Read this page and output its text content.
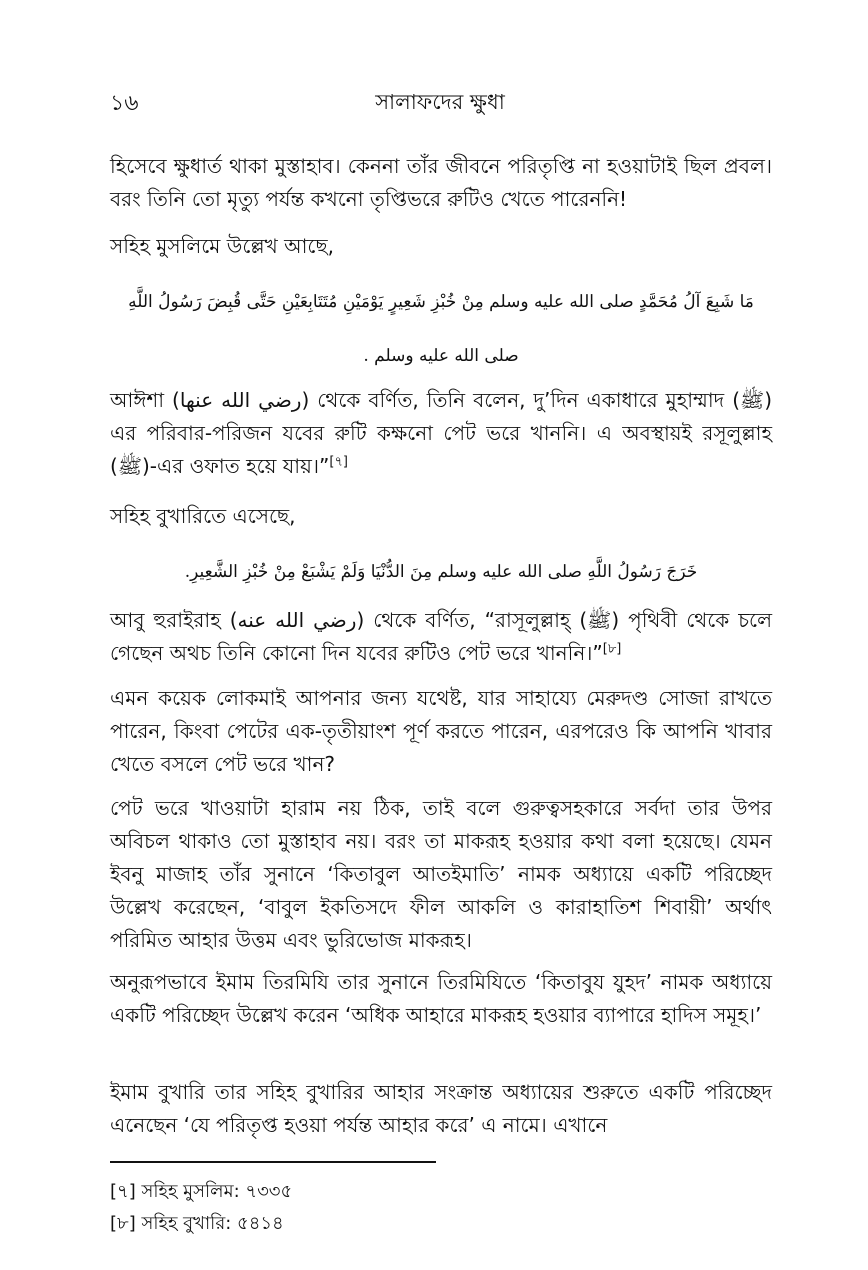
১৬	সালাফদের ক্ষুধা

হিসেবে ক্ষুধার্ত থাকা মুস্তাহাব। কেননা তাঁর জীবনে পরিতৃপ্তি না হওয়াটাই ছিল প্রবল। বরং তিনি তো মৃত্যু পর্যন্ত কখনো তৃপ্তিভরে রুটিও খেতে পারেননি!

সহিহ মুসলিমে উল্লেখ আছে,

مَا شَبِعَ آلُ مُحَمَّدٍ صلى الله عليه وسلم مِنْ خُبْزِ شَعِيرٍ يَوْمَيْنِ مُتَتَابِعَيْنِ حَتَّى قُبِضَ رَسُولُ اللَّهِ

صلى الله عليه وسلم .

আঈশা (رضي الله عنها) থেকে বর্ণিত, তিনি বলেন, দু’দিন একাধারে মুহাম্মাদ (ﷺ) এর পরিবার-পরিজন যবের রুটি কক্ষনো পেট ভরে খাননি। এ অবস্থায়ই রসূলুল্লাহ (ﷺ)-এর ওফাত হয়ে যায়।”[৭]

সহিহ বুখারিতে এসেছে,

خَرَجَ رَسُولُ اللَّهِ صلى الله عليه وسلم مِنَ الدُّنْيَا وَلَمْ يَشْبَعْ مِنْ خُبْزِ الشَّعِيرِ.

আবু হুরাইরাহ (رضي الله عنه) থেকে বর্ণিত, “রাসূলুল্লাহ্ (ﷺ) পৃথিবী থেকে চলে গেছেন অথচ তিনি কোনো দিন যবের রুটিও পেট ভরে খাননি।”[৮]

এমন কয়েক লোকমাই আপনার জন্য যথেষ্ট, যার সাহায্যে মেরুদণ্ড সোজা রাখতে পারেন, কিংবা পেটের এক-তৃতীয়াংশ পূর্ণ করতে পারেন, এরপরেও কি আপনি খাবার খেতে বসলে পেট ভরে খান?

পেট ভরে খাওয়াটা হারাম নয় ঠিক, তাই বলে গুরুত্বসহকারে সর্বদা তার উপর অবিচল থাকাও তো মুস্তাহাব নয়। বরং তা মাকরূহ হওয়ার কথা বলা হয়েছে। যেমন ইবনু মাজাহ তাঁর সুনানে ‘কিতাবুল আতইমাতি’ নামক অধ্যায়ে একটি পরিচ্ছেদ উল্লেখ করেছেন, ‘বাবুল ইকতিসদে ফীল আকলি ও কারাহাতিশ শিবায়ী’ অর্থাৎ পরিমিত আহার উত্তম এবং ভুরিভোজ মাকরূহ।

অনুরূপভাবে ইমাম তিরমিযি তার সুনানে তিরমিযিতে ‘কিতাবুয যুহদ’ নামক অধ্যায়ে একটি পরিচ্ছেদ উল্লেখ করেন ‘অধিক আহারে মাকরূহ হওয়ার ব্যাপারে হাদিস সমূহ।’

ইমাম বুখারি তার সহিহ বুখারির আহার সংক্রান্ত অধ্যায়ের শুরুতে একটি পরিচ্ছেদ এনেছেন ‘যে পরিতৃপ্ত হওয়া পর্যন্ত আহার করে’ এ নামে। এখানে

[৭] সহিহ মুসলিম: ৭৩৩৫

[৮] সহিহ বুখারি: ৫৪১৪
